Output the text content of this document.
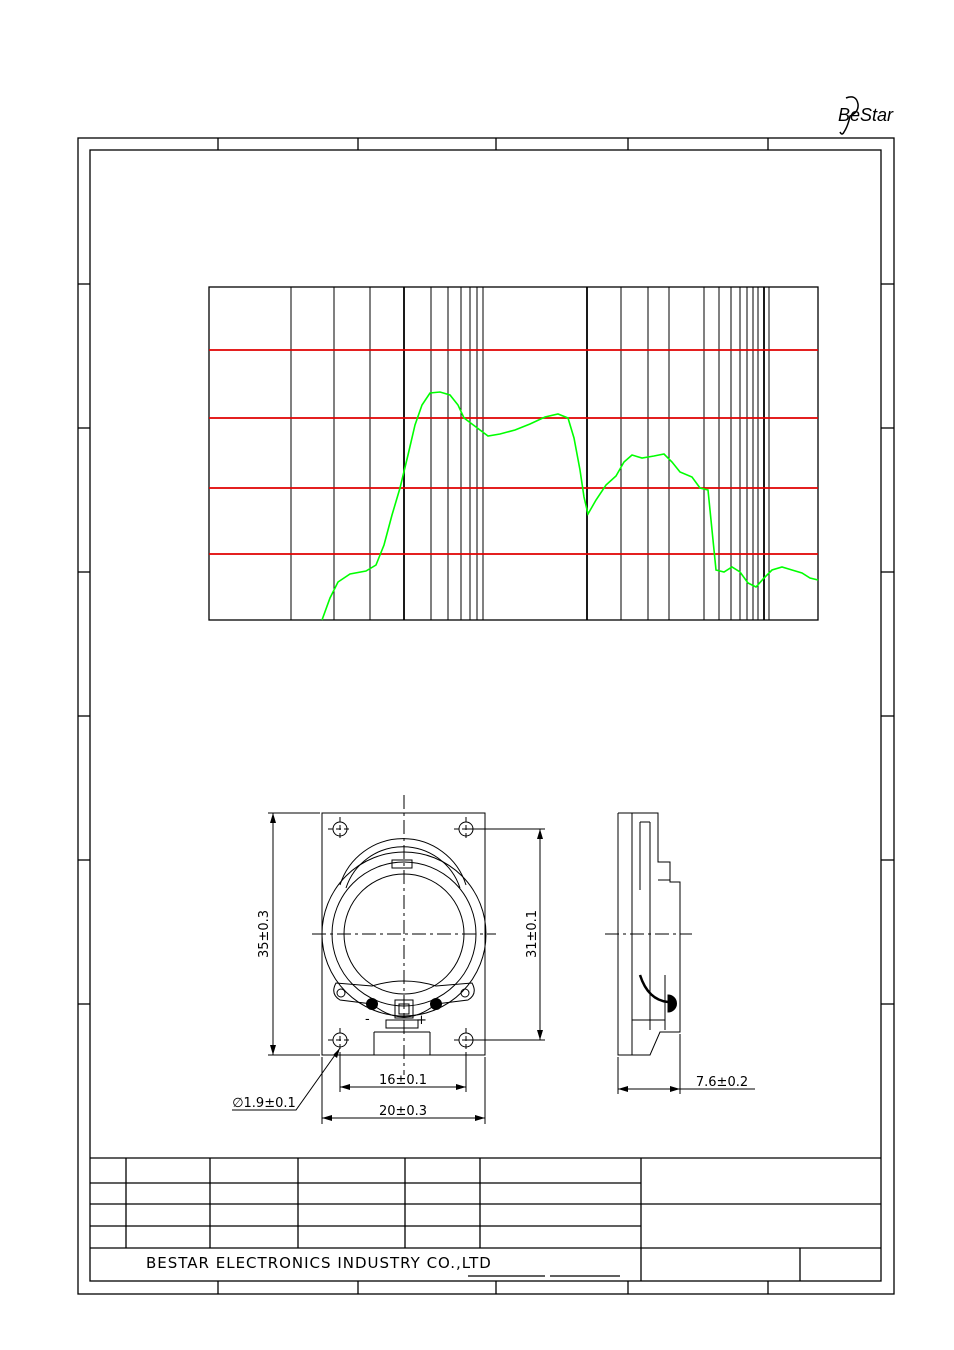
BeStar
-	+
35±0.3	31±0.1
16±0.1
20±0.3
∅1.9±0.1
7.6±0.2
BESTAR ELECTRONICS INDUSTRY CO.,LTD
